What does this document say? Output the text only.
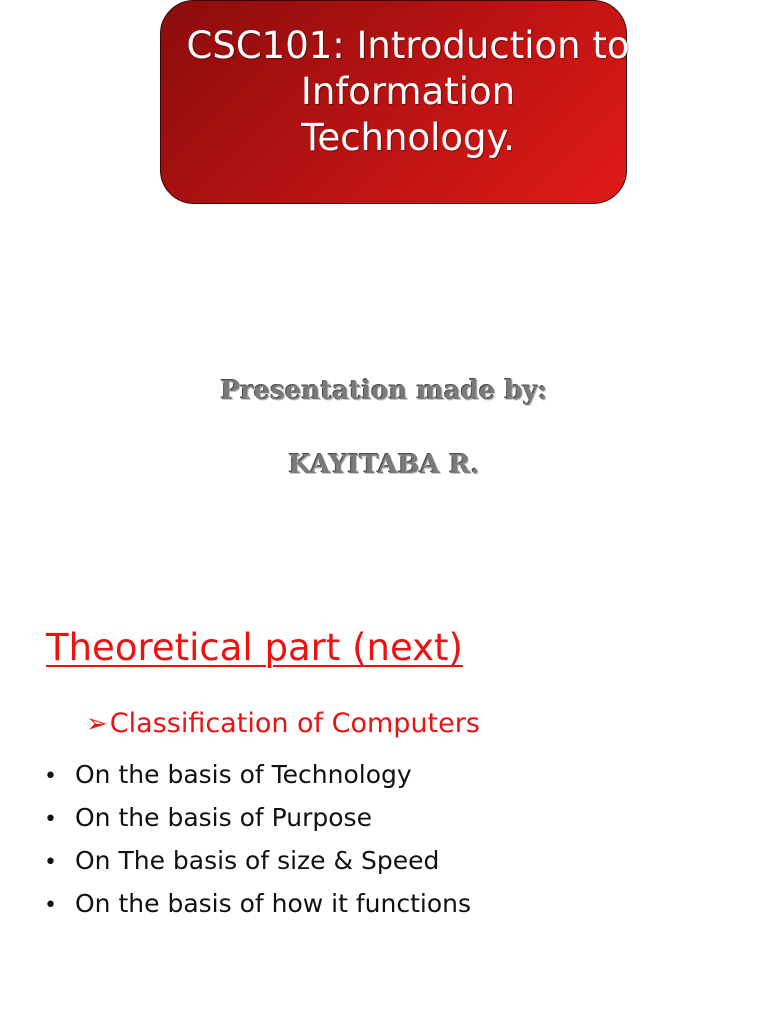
CSC101: Introduction to
Information
Technology.
Presentation made by:
KAYITABA R.
Theoretical part (next)
➢Classification of Computers
• On the basis of Technology
• On the basis of Purpose
• On The basis of size & Speed
• On the basis of how it functions
